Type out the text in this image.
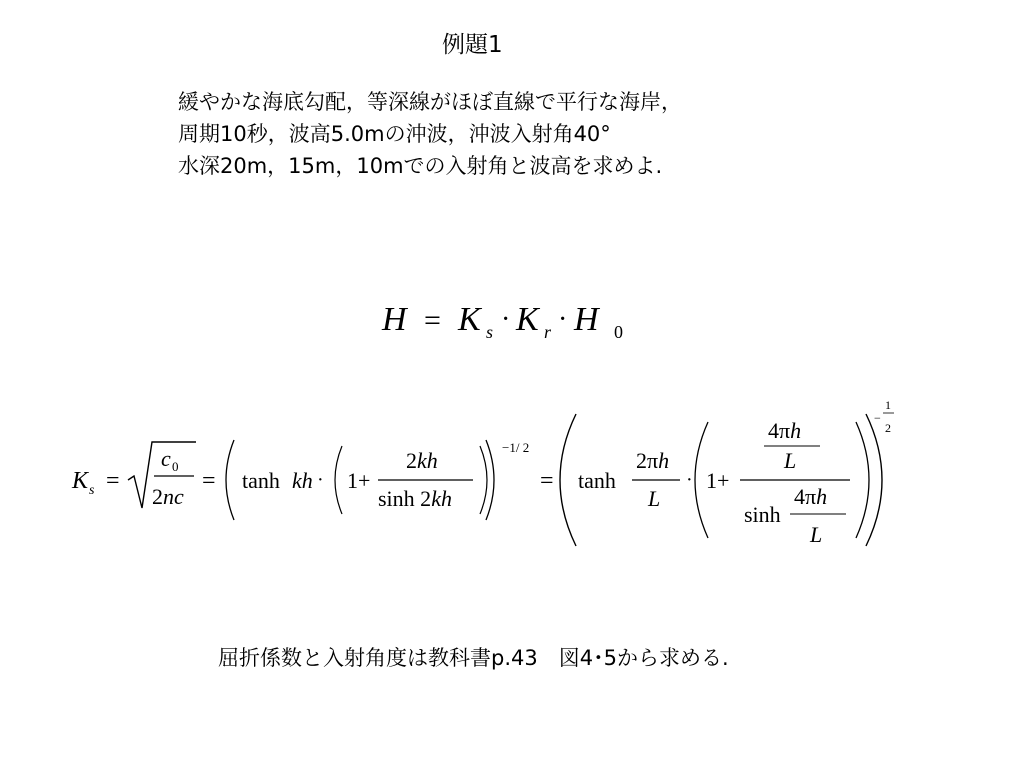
例題1
緩やかな海底勾配，等深線がほぼ直線で平行な海岸，
周期10秒，波高5.0mの沖波，沖波入射角40°
水深20m，15m，10mでの入射角と波高を求めよ.
H = K s · K r · H 0
K s =
c 0
2nc
= tanh kh · 1+
2kh
sinh 2kh
−1/ 2
= tanh
2πh
L
· 1+
4πh
L
sinh
4πh
L
−
1
2
屈折係数と入射角度は教科書p.43　図4･5から求める.
